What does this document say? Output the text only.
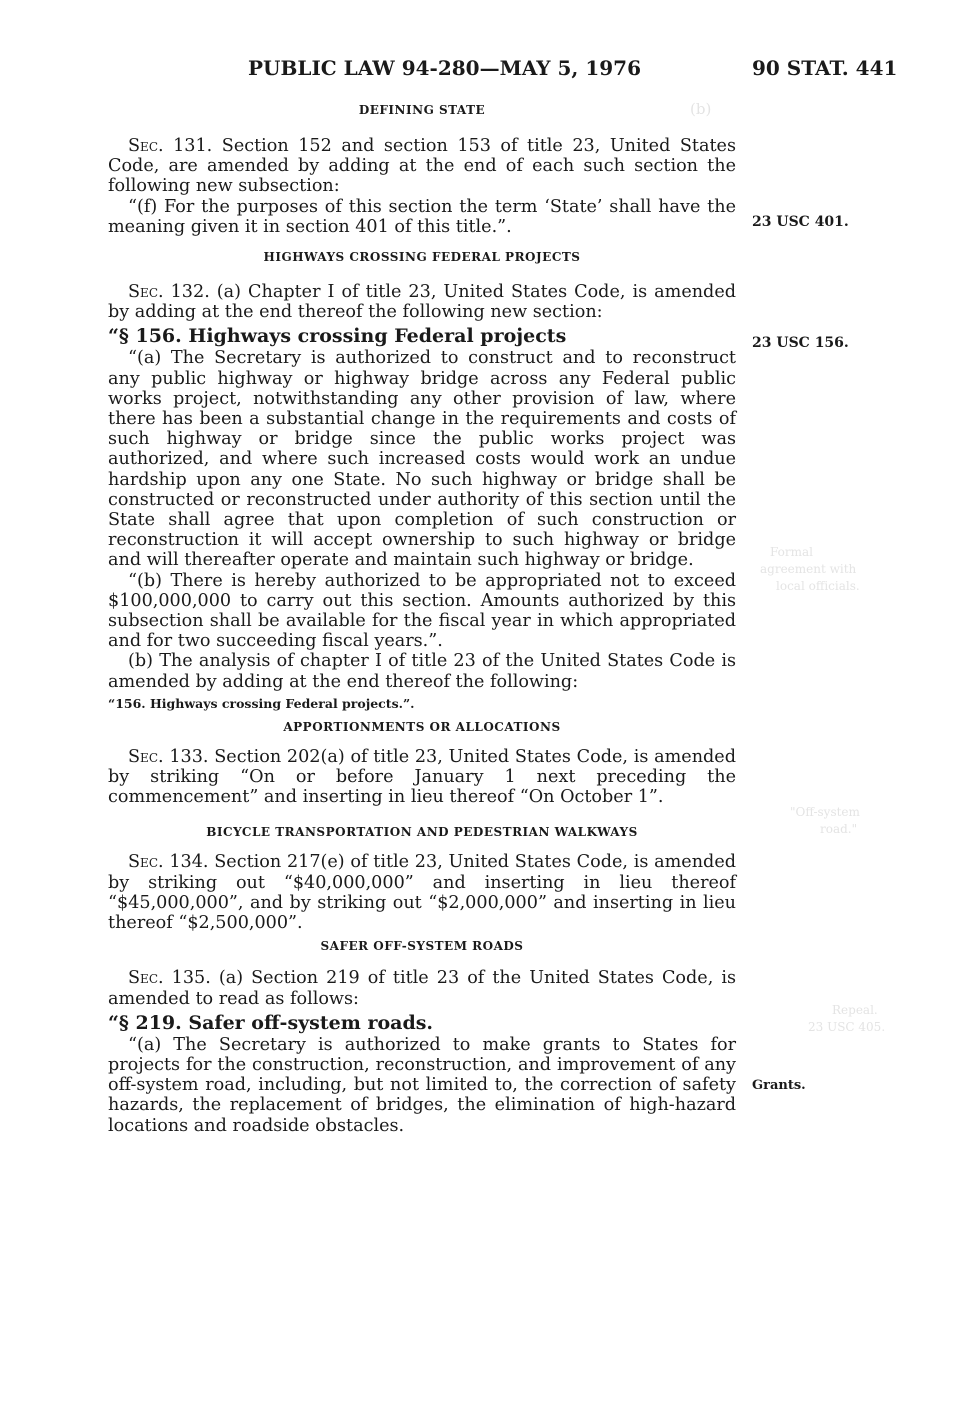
(b)
Formal
agreement with
local officials.
"Off-system
road."
Repeal.
23 USC 405.
PUBLIC LAW 94-280—MAY 5, 1976	90 STAT. 441
23 USC 401.
23 USC 156.
Grants.
DEFINING STATE

Sec. 131. Section 152 and section 153 of title 23, United States Code, are amended by adding at the end of each such section the following new subsection:

“(f) For the purposes of this section the term ‘State’ shall have the meaning given it in section 401 of this title.”.

HIGHWAYS CROSSING FEDERAL PROJECTS

Sec. 132. (a) Chapter I of title 23, United States Code, is amended by adding at the end thereof the following new section:

“§ 156. Highways crossing Federal projects

“(a) The Secretary is authorized to construct and to reconstruct any public highway or highway bridge across any Federal public works project, notwithstanding any other provision of law, where there has been a substantial change in the requirements and costs of such highway or bridge since the public works project was authorized, and where such increased costs would work an undue hardship upon any one State. No such highway or bridge shall be constructed or reconstructed under authority of this section until the State shall agree that upon completion of such construction or reconstruction it will accept ownership to such highway or bridge and will thereafter operate and maintain such highway or bridge.

“(b) There is hereby authorized to be appropriated not to exceed $100,000,000 to carry out this section. Amounts authorized by this subsection shall be available for the fiscal year in which appropriated and for two succeeding fiscal years.”.

(b) The analysis of chapter I of title 23 of the United States Code is amended by adding at the end thereof the following:

“156. Highways crossing Federal projects.”.

APPORTIONMENTS OR ALLOCATIONS

Sec. 133. Section 202(a) of title 23, United States Code, is amended by striking “On or before January 1 next preceding the commencement” and inserting in lieu thereof “On October 1”.

BICYCLE TRANSPORTATION AND PEDESTRIAN WALKWAYS

Sec. 134. Section 217(e) of title 23, United States Code, is amended by striking out “$40,000,000” and inserting in lieu thereof “$45,000,000”, and by striking out “$2,000,000” and inserting in lieu thereof “$2,500,000”.

SAFER OFF-SYSTEM ROADS

Sec. 135. (a) Section 219 of title 23 of the United States Code, is amended to read as follows:

“§ 219. Safer off-system roads.

“(a) The Secretary is authorized to make grants to States for projects for the construction, reconstruction, and improvement of any off-system road, including, but not limited to, the correction of safety hazards, the replacement of bridges, the elimination of high-hazard locations and roadside obstacles.
